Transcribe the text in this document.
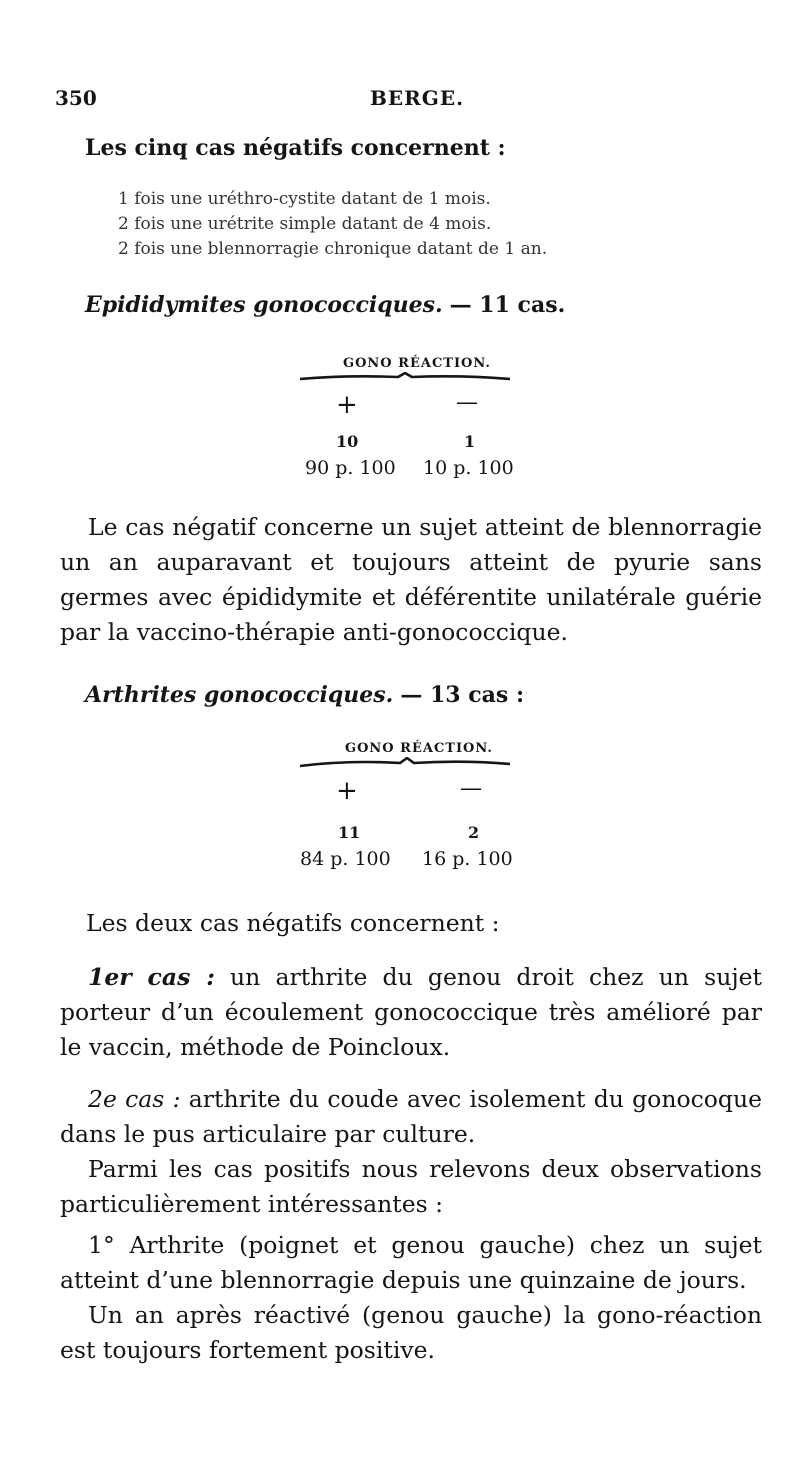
350	BERGE.
Les cinq cas négatifs concernent :
1 fois une uréthro-cystite datant de 1 mois.
2 fois une urétrite simple datant de 4 mois.
2 fois une blennorragie chronique datant de 1 an.
Epididymites gonococciques. — 11 cas.
GONO RÉACTION.
+	—
10	1
90 p. 100 10 p. 100
Le cas négatif concerne un sujet atteint de blennorragie un an auparavant et toujours atteint de pyurie sans germes avec épididymite et déférentite unilatérale guérie par la vaccino-thérapie anti-gonococcique.
Arthrites gonococciques. — 13 cas :
GONO RÉACTION.
+	—
11	2
84 p. 100 16 p. 100
Les deux cas négatifs concernent :
1er cas : un arthrite du genou droit chez un sujet porteur d’un écoulement gonococcique très amélioré par le vaccin, méthode de Poincloux.
2e cas : arthrite du coude avec isolement du gonocoque dans le pus articulaire par culture.
Parmi les cas positifs nous relevons deux observations particulièrement intéressantes :
1° Arthrite (poignet et genou gauche) chez un sujet atteint d’une blennorragie depuis une quinzaine de jours.
Un an après réactivé (genou gauche) la gono-réaction est toujours fortement positive.
